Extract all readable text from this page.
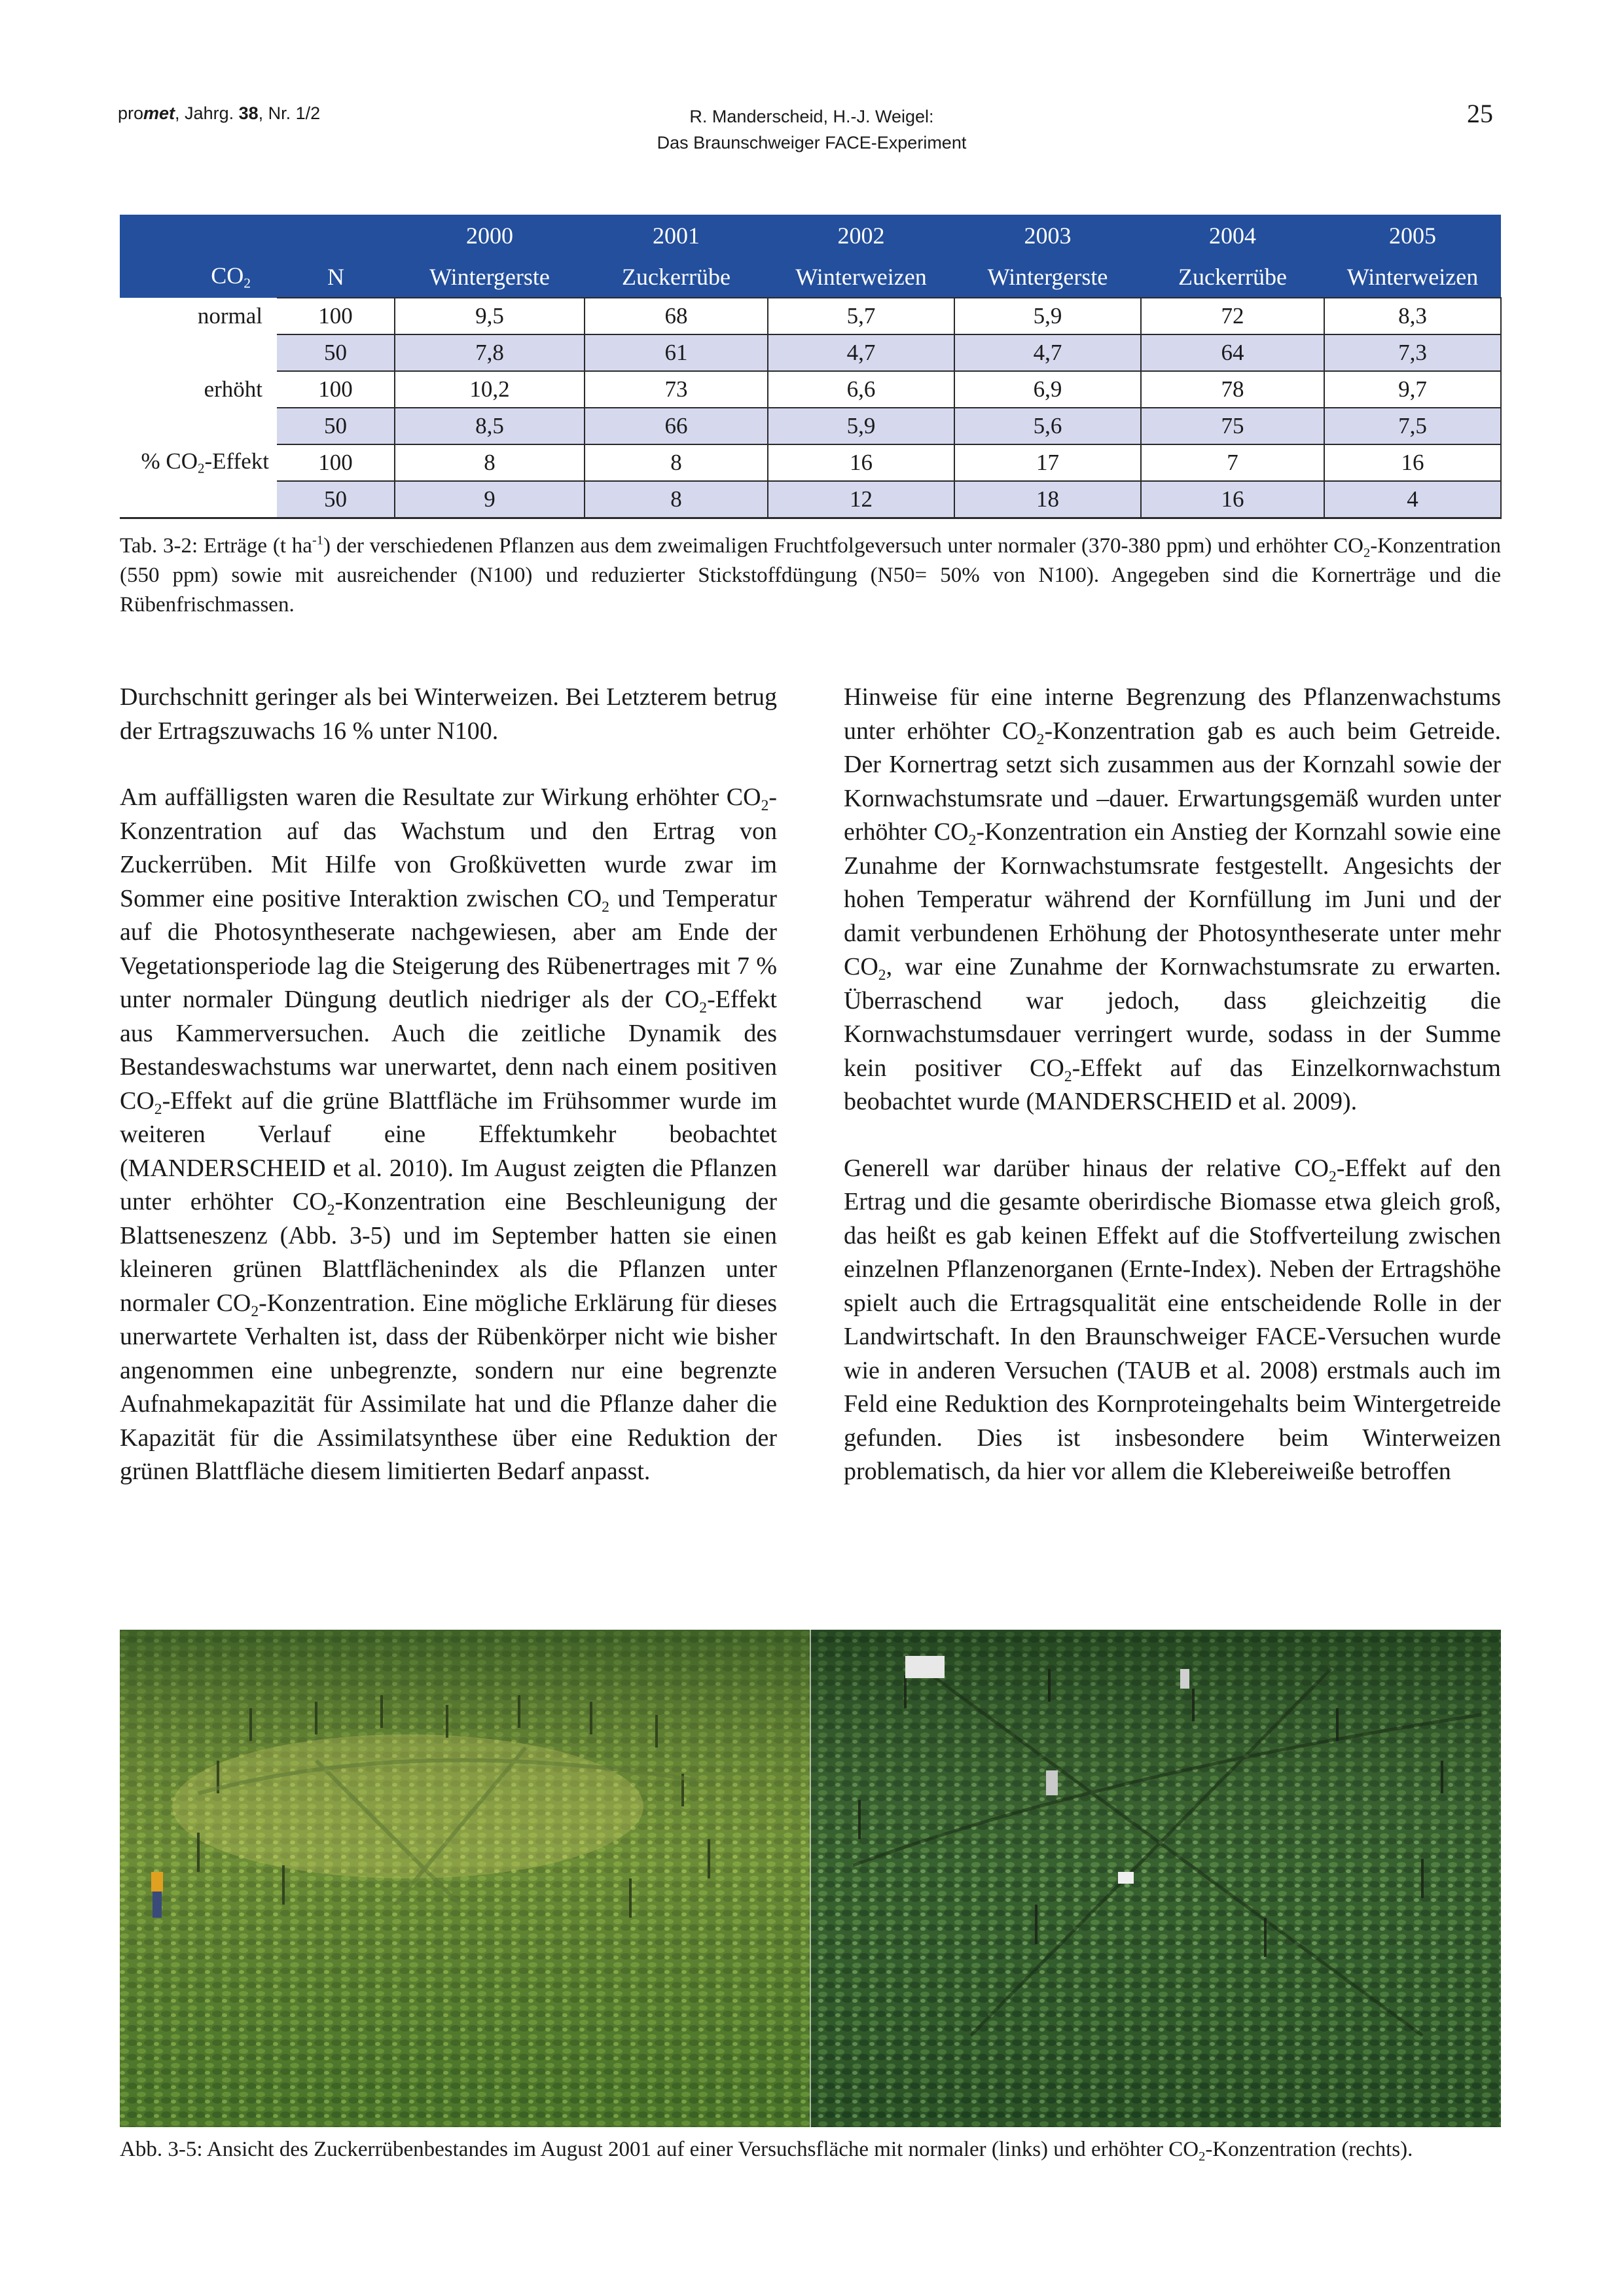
promet, Jahrg. 38, Nr. 1/2	R. Manderscheid, H.-J. Weigel:
Das Braunschweiger FACE-Experiment
25
		2000	2001	2002	2003	2004	2005
$CO_2$	N	Wintergerste	Zuckerrübe	Winterweizen	Wintergerste	Zuckerrübe	Winterweizen
normal	100	9,5	68	5,7	5,9	72	8,3
	50	7,8	61	4,7	4,7	64	7,3
erhöht	100	10,2	73	6,6	6,9	78	9,7
	50	8,5	66	5,9	5,6	75	7,5
% $CO_2$-Effekt	100	8	8	16	17	7	16
	50	9	8	12	18	16	4
Tab. 3-2: Erträge (t $ha^{-1}$) der verschiedenen Pflanzen aus dem zweimaligen Fruchtfolgeversuch unter normaler (370-380 ppm) und erhöhter $CO_2$-Konzentration (550 ppm) sowie mit ausreichender (N100) und reduzierter Stickstoffdüngung (N50= 50% von N100). Angegeben sind die Kornerträge und die Rübenfrischmassen.

Durchschnitt geringer als bei Winterweizen. Bei Letzterem betrug der Ertragszuwachs 16 % unter N100.

Am auffälligsten waren die Resultate zur Wirkung erhöhter $CO_2$-Konzentration auf das Wachstum und den Ertrag von Zuckerrüben. Mit Hilfe von Großküvetten wurde zwar im Sommer eine positive Interaktion zwischen $CO_2$ und Temperatur auf die Photosyntheserate nachgewiesen, aber am Ende der Vegetationsperiode lag die Steigerung des Rübenertrages mit 7 % unter normaler Düngung deutlich niedriger als der $CO_2$-Effekt aus Kammerversuchen. Auch die zeitliche Dynamik des Bestandeswachstums war unerwartet, denn nach einem positiven $CO_2$-Effekt auf die grüne Blattfläche im Frühsommer wurde im weiteren Verlauf eine Effektumkehr beobachtet (MANDERSCHEID et al. 2010). Im August zeigten die Pflanzen unter erhöhter $CO_2$-Konzentration eine Beschleunigung der Blattseneszenz (Abb. 3-5) und im September hatten sie einen kleineren grünen Blattflächenindex als die Pflanzen unter normaler $CO_2$-Konzentration. Eine mögliche Erklärung für dieses unerwartete Verhalten ist, dass der Rübenkörper nicht wie bisher angenommen eine unbegrenzte, sondern nur eine begrenzte Aufnahmekapazität für Assimilate hat und die Pflanze daher die Kapazität für die Assimilatsynthese über eine Reduktion der grünen Blattfläche diesem limitierten Bedarf anpasst.

Hinweise für eine interne Begrenzung des Pflanzenwachstums unter erhöhter $CO_2$-Konzentration gab es auch beim Getreide. Der Kornertrag setzt sich zusammen aus der Kornzahl sowie der Kornwachstumsrate und –dauer. Erwartungsgemäß wurden unter erhöhter $CO_2$-Konzentration ein Anstieg der Kornzahl sowie eine Zunahme der Kornwachstumsrate festgestellt. Angesichts der hohen Temperatur während der Kornfüllung im Juni und der damit verbundenen Erhöhung der Photosyntheserate unter mehr $CO_2$, war eine Zunahme der Kornwachstumsrate zu erwarten. Überraschend war jedoch, dass gleichzeitig die Kornwachstumsdauer verringert wurde, sodass in der Summe kein positiver $CO_2$-Effekt auf das Einzelkornwachstum beobachtet wurde (MANDERSCHEID et al. 2009).

Generell war darüber hinaus der relative $CO_2$-Effekt auf den Ertrag und die gesamte oberirdische Biomasse etwa gleich groß, das heißt es gab keinen Effekt auf die Stoffverteilung zwischen einzelnen Pflanzenorganen (Ernte-Index). Neben der Ertragshöhe spielt auch die Ertragsqualität eine entscheidende Rolle in der Landwirtschaft. In den Braunschweiger FACE-Versuchen wurde wie in anderen Versuchen (TAUB et al. 2008) erstmals auch im Feld eine Reduktion des Kornproteingehalts beim Wintergetreide gefunden. Dies ist insbesondere beim Winterweizen problematisch, da hier vor allem die Klebereiweiße betroffen

Abb. 3-5: Ansicht des Zuckerrübenbestandes im August 2001 auf einer Versuchsfläche mit normaler (links) und erhöhter $CO_2$-Konzentration (rechts).
